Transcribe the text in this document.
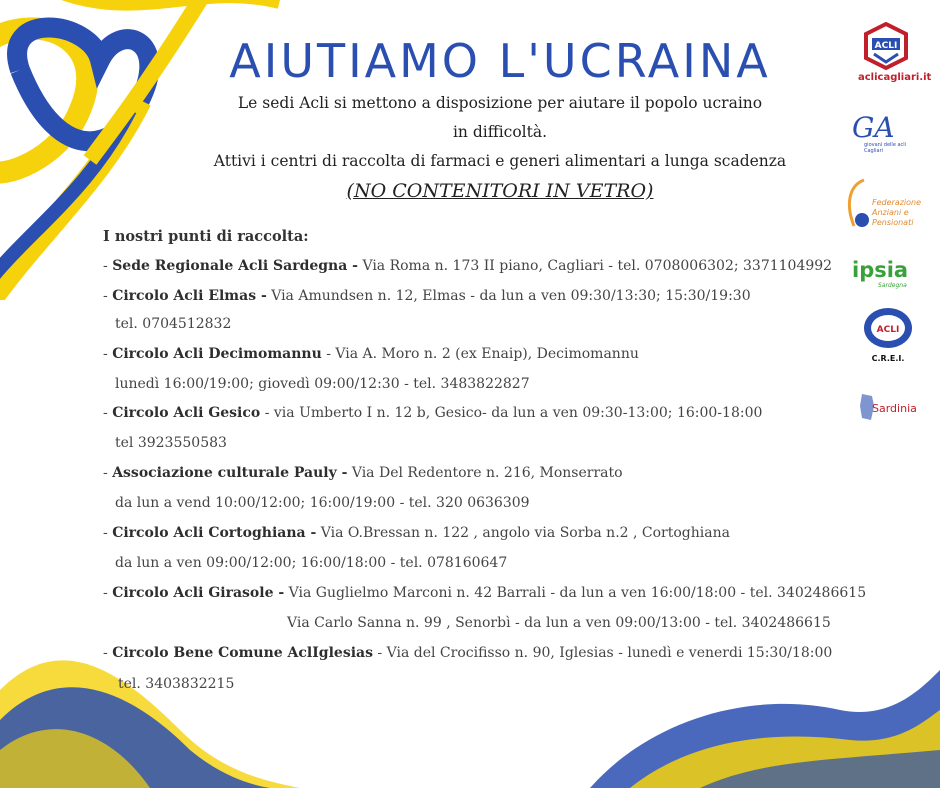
AIUTIAMO L'UCRAINA
Le sedi Acli si mettono a disposizione per aiutare il popolo ucraino
in difficoltà.
Attivi i centri di raccolta di farmaci e generi alimentari a lunga scadenza
(NO CONTENITORI IN VETRO)
I nostri punti di raccolta:
- Sede Regionale Acli Sardegna - Via Roma n. 173 II piano, Cagliari - tel. 0708006302; 3371104992
- Circolo Acli Elmas - Via Amundsen n. 12, Elmas - da lun a ven 09:30/13:30; 15:30/19:30
tel. 0704512832
- Circolo Acli Decimomannu - Via A. Moro n. 2 (ex Enaip), Decimomannu
lunedì 16:00/19:00; giovedì 09:00/12:30 - tel. 3483822827
- Circolo Acli Gesico - via Umberto I n. 12 b, Gesico- da lun a ven 09:30-13:00; 16:00-18:00
tel 3923550583
- Associazione culturale Pauly - Via Del Redentore n. 216, Monserrato
da lun a vend 10:00/12:00; 16:00/19:00 - tel. 320 0636309
- Circolo Acli Cortoghiana - Via O.Bressan n. 122 , angolo via Sorba n.2 , Cortoghiana
da lun a ven 09:00/12:00; 16:00/18:00 - tel. 078160647
- Circolo Acli Girasole - Via Guglielmo Marconi n. 42 Barrali - da lun a ven 16:00/18:00 - tel. 3402486615
Via Carlo Sanna n. 99 , Senorbì - da lun a ven 09:00/13:00 - tel. 3402486615
- Circolo Bene Comune AclIglesias - Via del Crocifisso n. 90, Iglesias - lunedì e venerdi 15:30/18:00
tel. 3403832215
ACLI
aclicagliari.it
GA
giovani delle acli Cagliari
Federazione Anziani e Pensionati
ipsia
Sardegna
ACLI
C.R.E.I.
Sardinia
